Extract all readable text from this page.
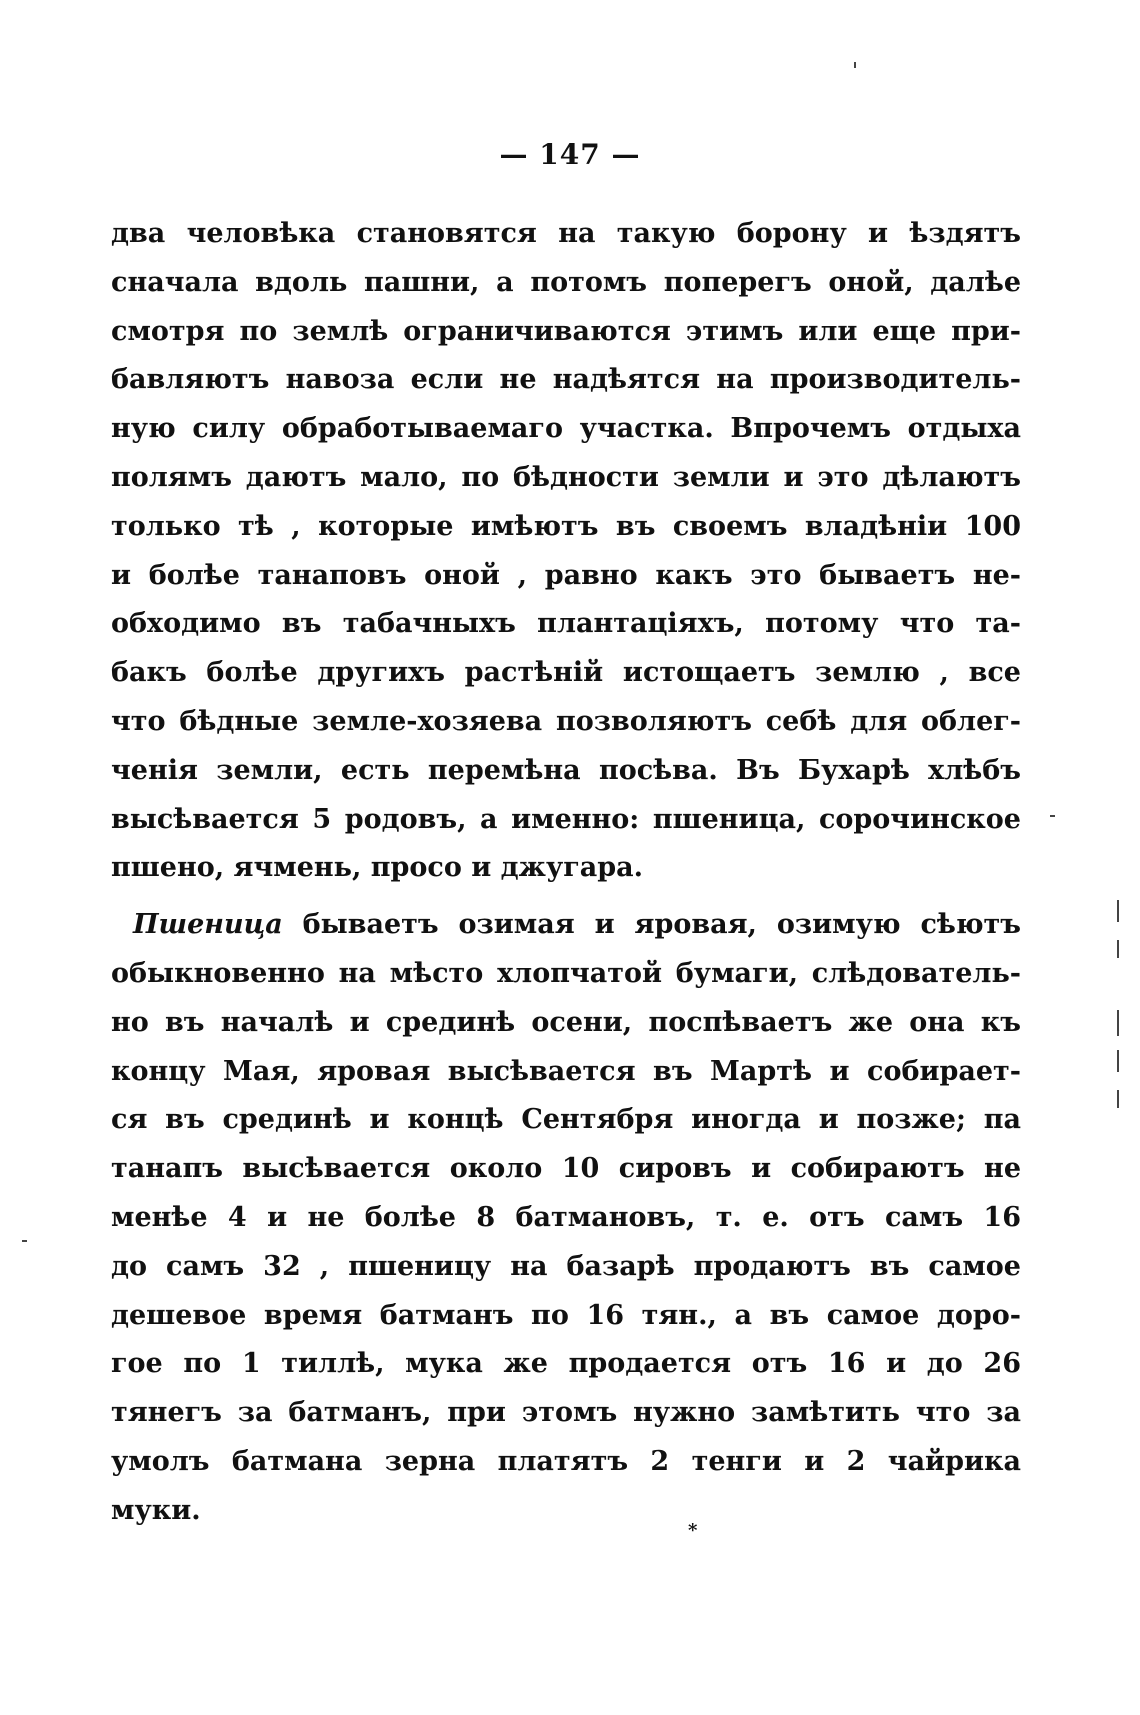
— 147 —
два человѣка становятся на такую борону и ѣздятъ
сначала вдоль пашни, а потомъ поперегъ оной, далѣе
смотря по землѣ ограничиваются этимъ или еще при-
бавляютъ навоза если не надѣятся на производитель-
ную силу обработываемаго участка. Впрочемъ отдыха
полямъ даютъ мало, по бѣдности земли и это дѣлаютъ
только тѣ , которые имѣютъ въ своемъ владѣніи 100
и болѣе танаповъ оной , равно какъ это бываетъ не-
обходимо въ табачныхъ плантаціяхъ, потому что та-
бакъ болѣе другихъ растѣній истощаетъ землю , все
что бѣдные земле-хозяева позволяютъ себѣ для облег-
ченія земли, есть перемѣна посѣва. Въ Бухарѣ хлѣбъ
высѣвается 5 родовъ, а именно: пшеница, сорочинское
пшено, ячмень, просо и джугара.
Пшеница бываетъ озимая и яровая, озимую сѣютъ
обыкновенно на мѣсто хлопчатой бумаги, слѣдователь-
но въ началѣ и срединѣ осени, поспѣваетъ же она къ
концу Мая, яровая высѣвается въ Мартѣ и собирает-
ся въ срединѣ и концѣ Сентября иногда и позже; па
танапъ высѣвается около 10 сировъ и собираютъ не
менѣе 4 и не болѣе 8 батмановъ, т. е. отъ самъ 16
до самъ 32 , пшеницу на базарѣ продаютъ въ самое
дешевое время батманъ по 16 тян., а въ самое доро-
гое по 1 тиллѣ, мука же продается отъ 16 и до 26
тянегъ за батманъ, при этомъ нужно замѣтить что за
умолъ батмана зерна платятъ 2 тенги и 2 чайрика
муки.
*
